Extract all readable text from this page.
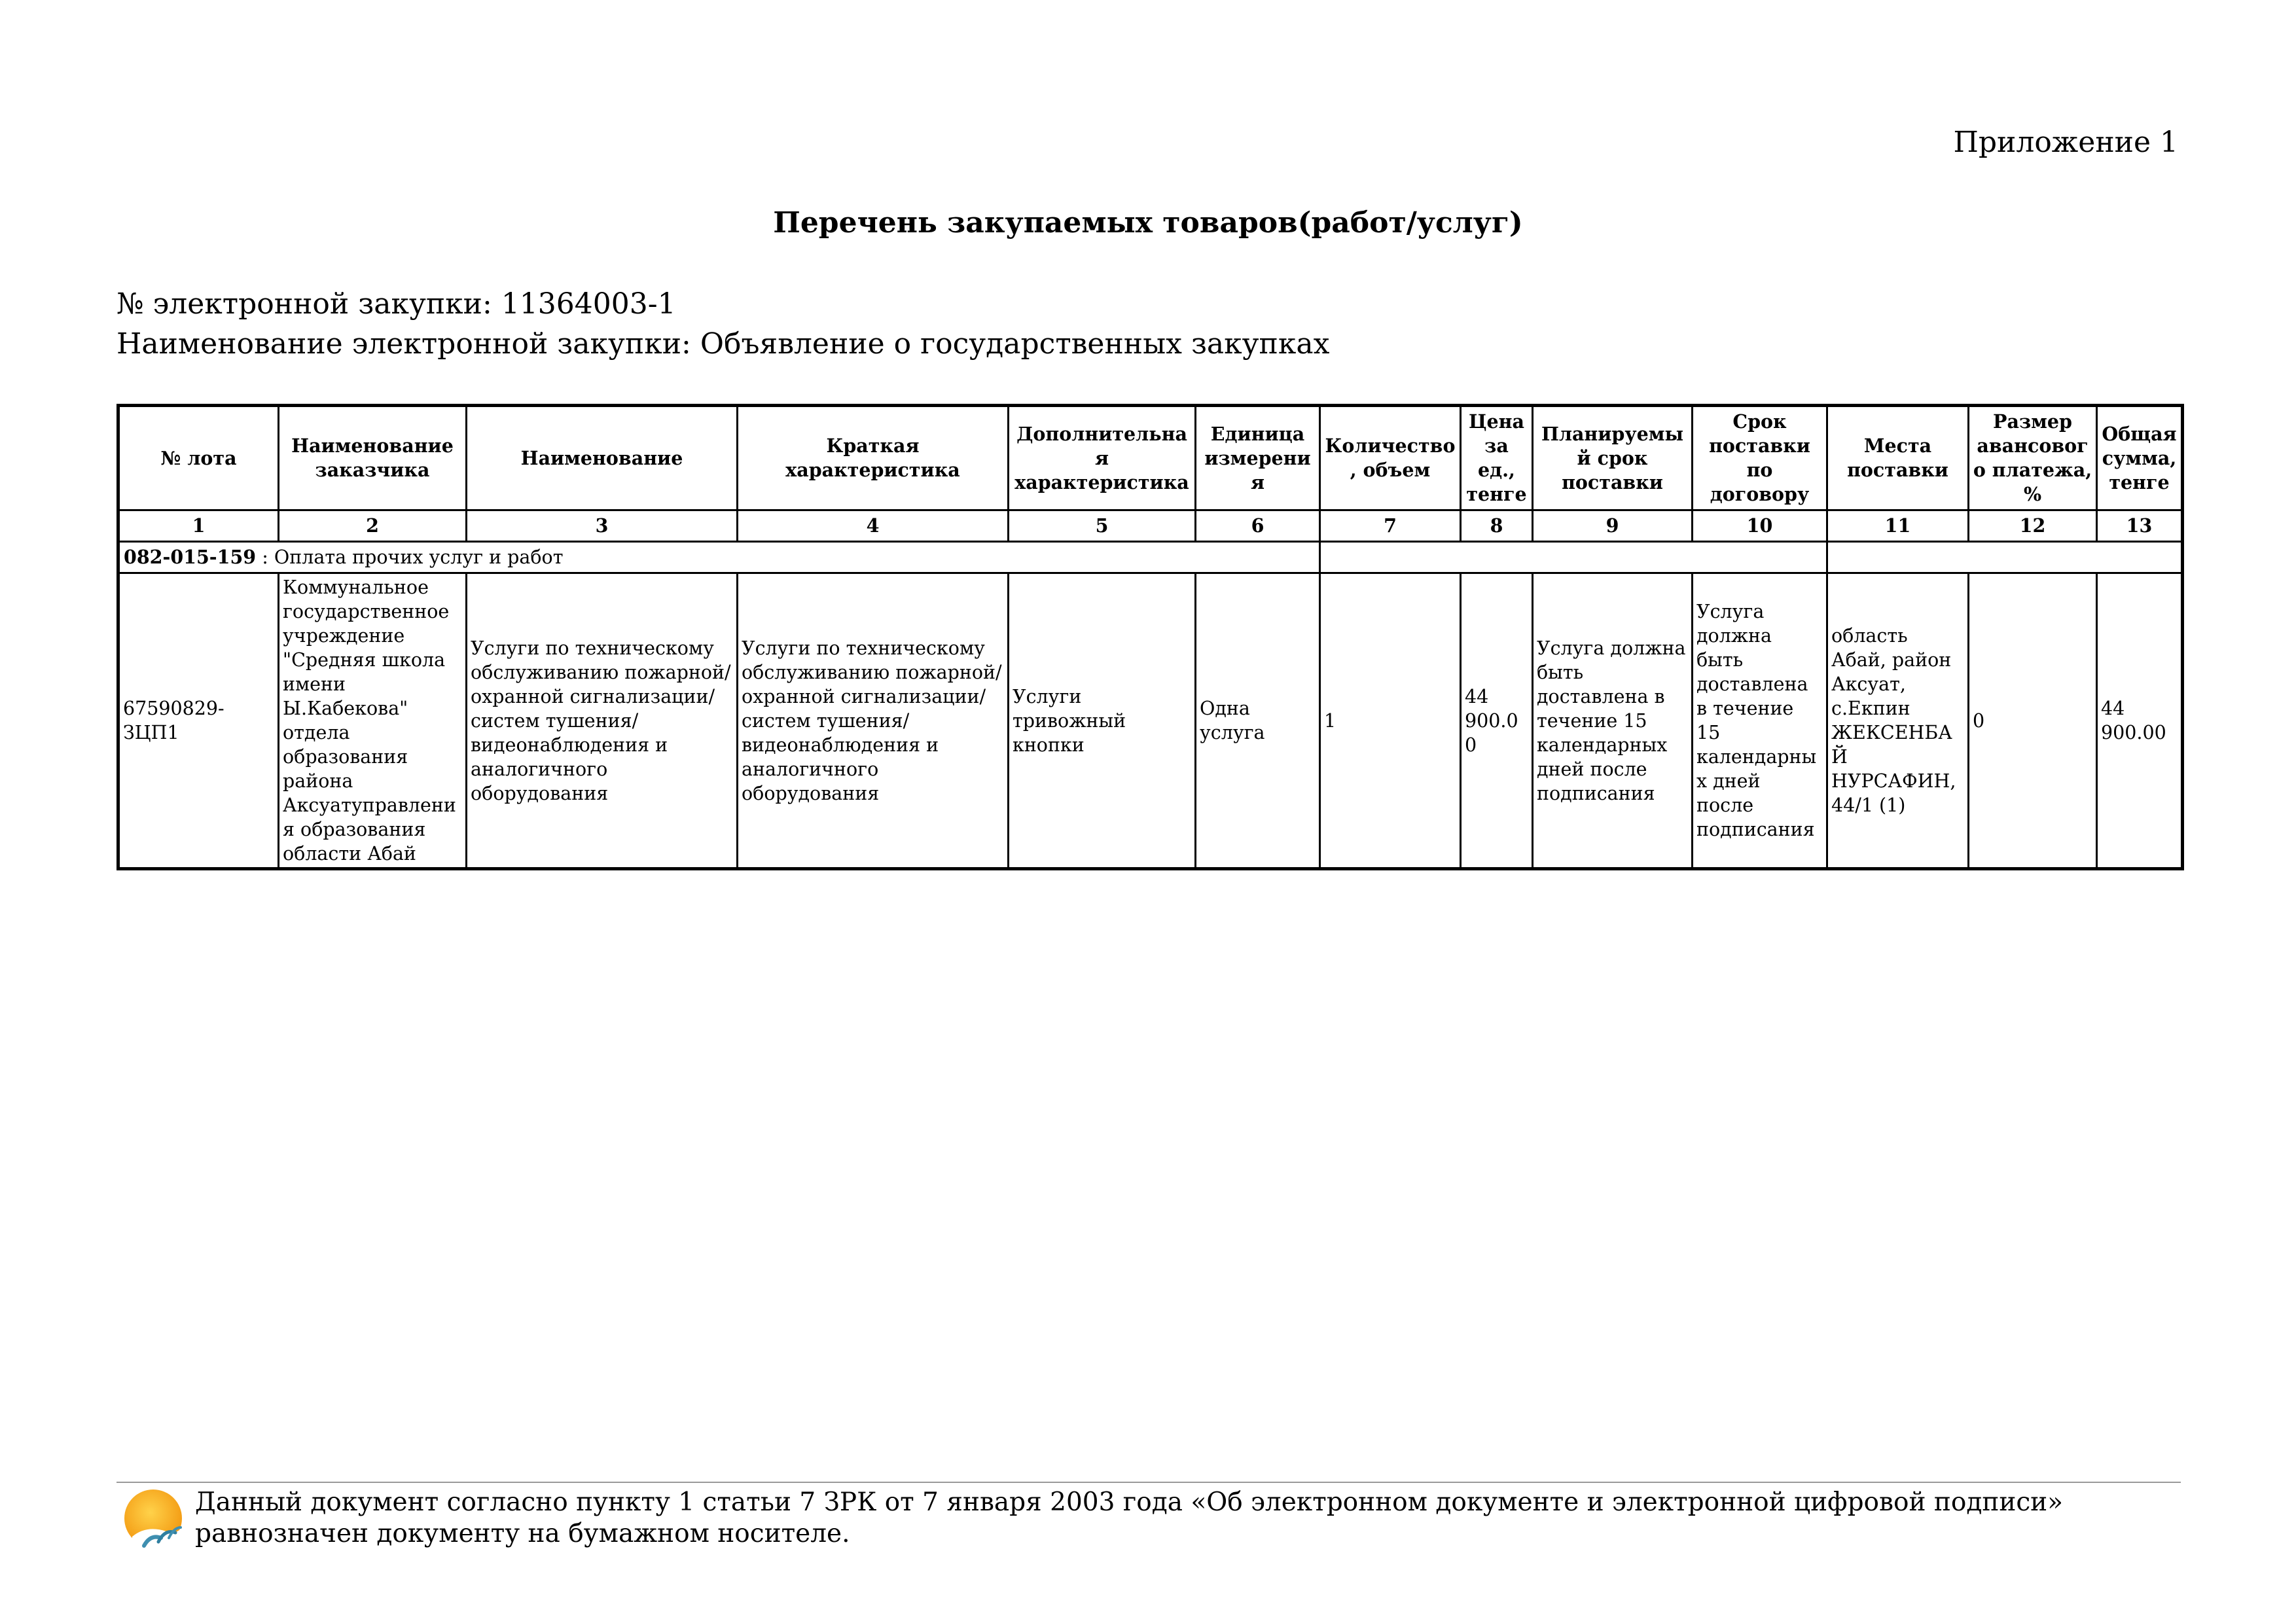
Приложение 1
Перечень закупаемых товаров(работ/услуг)
№ электронной закупки: 11364003-1
Наименование электронной закупки: Объявление о государственных закупках
№ лота	Наименование заказчика	Наименование	Краткая характеристика	Дополнительная характеристика	Единица измерения	Количество, объем	Цена за ед., тенге	Планируемый срок поставки	Срок поставки по договору	Места поставки	Размер авансового платежа, %	Общая сумма, тенге
1	2	3	4	5	6	7	8	9	10	11	12	13
082-015-159 : Оплата прочих услуг и работ												
67590829-ЗЦП1	Коммунальное государственное учреждение "Средняя школа имени Ы.Кабекова" отдела образования района Аксуатуправления образования области Абай	Услуги по техническому обслуживанию пожарной/охранной сигнализации/систем тушения/видеонаблюдения и аналогичного оборудования	Услуги по техническому обслуживанию пожарной/охранной сигнализации/систем тушения/видеонаблюдения и аналогичного оборудования	Услуги тривожный кнопки	Одна услуга	1	44 900.00	Услуга должна быть доставлена в течение 15 календарных дней после подписания	Услуга должна быть доставлена в течение 15 календарных дней после подписания	область Абай, район Аксуат, с.Екпин ЖЕКСЕНБАЙ НУРСАФИН, 44/1 (1)	0	44 900.00
Данный документ согласно пункту 1 статьи 7 ЗРК от 7 января 2003 года «Об электронном документе и электронной цифровой подписи» равнозначен документу на бумажном носителе.
